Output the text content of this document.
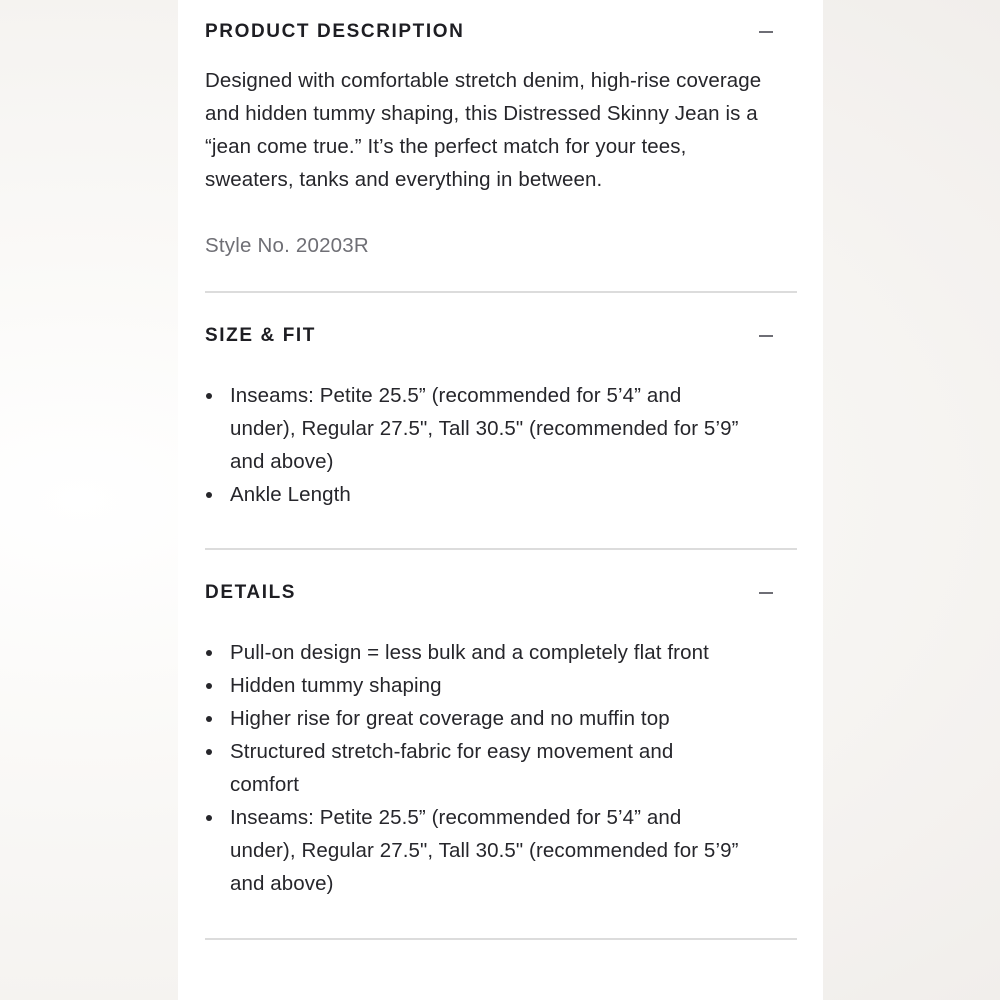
PRODUCT DESCRIPTION

Designed with comfortable stretch denim, high-rise coverage and hidden tummy shaping, this Distressed Skinny Jean is a “jean come true.” It’s the perfect match for your tees, sweaters, tanks and everything in between.

Style No. 20203R
SIZE & FIT
Inseams: Petite 25.5” (recommended for 5’4” and under), Regular 27.5", Tall 30.5" (recommended for 5’9” and above)
Ankle Length
DETAILS
Pull-on design = less bulk and a completely flat front
Hidden tummy shaping
Higher rise for great coverage and no muffin top
Structured stretch-fabric for easy movement and comfort
Inseams: Petite 25.5” (recommended for 5’4” and under), Regular 27.5", Tall 30.5" (recommended for 5’9” and above)
